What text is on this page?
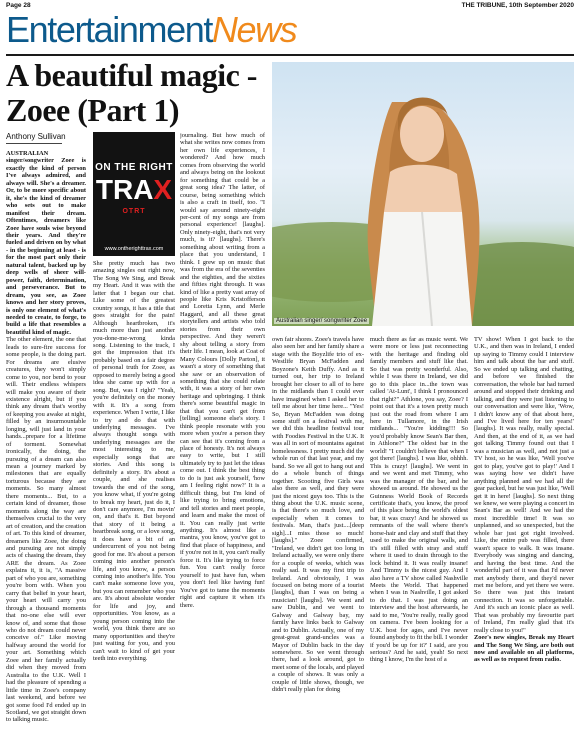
Page 28	THE TRIBUNE, 10th September 2020
EntertainmentNews
A beautiful magic - Zoee (Part 1)
Anthony Sullivan

AUSTRALIAN singer/songwriter Zoee is exactly the kind of person I've always admired, and always will. She's a dreamer. Or, to be more specific about it, she's the kind of dreamer who sets out to make manifest their dream. Oftentimes, dreamers like Zoee have souls wise beyond their years. And they're fueled and driven on by what - in the beginning at least - is for the most part only their natural talent, backed up by deep wells of sheer will-power, faith, determination, and perseverance. But to dream, you see, as Zoee knows and her story proves, is only one element of what's needed to create, to forge, to build a life that resembles a beautiful kind of magic.

The other element, the one that leads to sure-fire success for some people, is the doing part. For dreams are elusive creatures, they won't simply come to you, nor bend to your will. Their endless whispers will make you aware of their existence alright, but if you think any dream that's worthy of keeping you awake at night, filled by an insurmountable longing, will just land in your hands...prepare for a lifetime of torment. Somewhat ironically, the doing, the pursuing of a dream can also mean a journey marked by milestones that are equally torturous because they are moments. So many almost there moments... But, to a certain kind of dreamer, those moments along the way are themselves crucial to the very art of creation, and the creation of art. To this kind of dreamer, dreamers like Zoee, the doing and pursuing are not simply acts of chasing the dream, they ARE the dream. As Zoee explains it, it is, "A massive part of who you are, something you're born with. When you carry that belief in your heart, your heart will carry you through a thousand moments that no-one else will ever know of, and some that those who do not dream could never conceive of." Like moving halfway around the world for your art. Something which Zoee and her family actually did when they moved from Australia to the U.K. Well I had the pleasure of spending a little time in Zoee's company last weekend, and before we got some food I'd ended up in Scotland, we got straight down to talking music.

ON THE RIGHT
TRAX
OTRT
www.ontherighttrax.com

She pretty much has two amazing singles out right now, The Song We Sing, and Break my Heart. And it was with the latter that I began our chat. Like some of the greatest country songs, it has a title that goes straight for the pain! Although heartbroken, it's much more than just another you-done-me-wrong kinda song. Listening to the track, I got the impression that it's probably based on a fair degree of personal truth for Zoee, as opposed to merely being a good idea she came up with for a song. But, was I right? "Yeah, you're definitely on the money with it. It's a song from experience. When I write, I like to try and do that with underlying messages. I've always thought songs with underlying messages are the most interesting to me, especially songs that are stories. And this song is definitely a story. It's about a couple, and she realises towards the end of the song, you know what, if you're going to break my heart, just do it, I don't care anymore, I'm movin' on, and that's it. But beyond that story of it being a heartbreak song, or a love song, it does have a bit of an undercurrent of you not being good for me. It's about a person coming into another person's life, and you know, a person coming into another's life. You can't make someone love you, but you can remember who you are. It's about absolute wonder for life and joy, and opportunities. You know, as a young person coming into the world, you think there are so many opportunities and they're just waiting for you, and you can't wait to kind of get your teeth into everything.

journaling. But how much of what she writes now comes from her own life experiences, I wondered? And how much comes from observing the world and always being on the lookout for something that could be a great song idea? The latter, of course, being something which is also a craft in itself, too. "I would say around ninety-eight per-cent of my songs are from personal experience! [laughs]. Only ninety-eight, that's not very much, is it? [laughs]. There's something about writing from a place that you understand, I think. I grew up on music that was from the era of the seventies and the eighties, and the sixties and fifties right through. It was kind of like a pretty vast array of people like Kris Kristofferson and Loretta Lynn, and Merle Haggard, and all these great storytellers and artists who told stories from their own perspective. And they weren't shy about telling a story from their life. I mean, look at Coat of Many Colours [Dolly Parton], it wasn't a story of something that she saw or an observation of something that she could relate with, it was a story of her own heritage and upbringing. I think there's some beautiful magic in that that you can't get from [telling] someone else's story. I think people resonate with you more when you're a person they can see that it's coming from a place of honesty. It's not always easy to write, but I still ultimately try to just let the ideas come out. I think the best thing to do is just ask yourself, 'how am I feeling right now?' It is a difficult thing, but I'm kind of like trying to bring emotions, and tell stories and meet people, and learn and make the most of it. You can really just write anything. It's almost like a mantra, you know, you've got to find that place of happiness, and if you're not in it, you can't really force it. It's like trying to force fun. You can't really force yourself to just have fun, when you don't feel like having fun! You've got to tame the moments right and capture it when it's there.

Australian singer/ songwriter Zoee

own fair shores. Zoee's travels have also seen her and her family share a stage with the Boyzlife trio of ex-Westlife Bryan McFadden and Boyzone's Keith Duffy. And as it turned out, her trip to Ireland brought her closer to all of to here in the midlands than I could ever have imagined when I asked her to tell me about her time here... "Yes! So, Bryan McFadden was doing some stuff on a festival with me, we did this headline festival tour with Foodies Festival in the U.K. It was all in sort of mountains against homelessness. I pretty much did the whole run of that last year, and my band. So we all got to hang out and do a whole bunch of things together. Scooting five Girls was also there as well, and they were just the nicest guys too. This is the thing about the U.K. music scene, is that there's so much love, and especially when it comes to festivals. Man, that's just....[deep sigh]...I miss those so much! [laughs]." Zoee confirmed, "Ireland, we didn't get too long in Ireland actually, we were only there for a couple of weeks, which was really sad. It was my first trip to Ireland. And obviously, I was focused on being more of a tourist [laughs], than I was on being a musician! [laughs]. We went and saw Dublin, and we went to Galway and Galway bay, my family have links back to Galway and to Dublin. Actually, one of my great-great grand-uncles was a Mayor of Dublin back in the day somewhere. So we went through there, had a look around, got to meet some of the locals, and played a couple of shows. It was only a couple of little shows, though, we didn't really plan for doing

much there as far as music went. We were more or less just reconnecting with the heritage and finding old family members and stuff like that. So that was pretty wonderful. Also, while I was there in Ireland, we did go to this place in...the town was called 'At-Lunt', I think I pronounced that right?" Athlone, you say, Zoee? I point out that it's a town pretty much just out the road from where I am here in Tullamore, in the Irish midlands... "You're kidding!!! So you'd probably know Sean's Bar then, in Athlone?" The oldest bar in the world! "I couldn't believe that when I got there! [laughs]. I was like, ohhhh. This is crazy! [laughs]. We went in and we went and met Timmy, who was the manager of the bar, and he showed us around. He showed us the Guinness World Book of Records certificate that's, you know, the proof of this place being the world's oldest bar, it was crazy! And he showed us remnants of the wall where there's horse-hair and clay and stuff that they used to make the original walls, and it's still filled with stray and stuff where it used to drain through to the lock behind it. It was really insane! And Timmy is the nicest guy. And I also have a TV show called Nashville Meets the World. That happened when I was in Nashville, I got asked to do that. I was just doing an interview and the host afterwards, he said to me, 'You're really, really good on camera. I've been looking for a U.K. host for ages, and I've never found anybody to fit the bill. I wonder if you'd be up for it?' I said, are you serious? And he said, yeah! So next thing I know, I'm the host of a

TV show! When I got back to the U.K., and then was in Ireland, I ended up saying to Timmy could I interview him and talk about the bar and stuff. So we ended up talking and chatting, and before we finished the conversation, the whole bar had turned around and stopped their drinking and talking, and they were just listening to our conversation and were like, 'Wow, I didn't know any of that about here, and I've lived here for ten years!' [laughs]. It was really, really special. And then, at the end of it, as we had got talking Timmy found out that I was a musician as well, and not just a TV host, so he was like, 'Well you've got to play, you've got to play!' And I was saying how we didn't have anything planned and we had all the gear packed, but he was just like, 'Well get it in here! [laughs]. So next thing we knew, we were playing a concert in Sean's Bar as well! And we had the most incredible time! It was so unplanned, and so unexpected, but the whole bar just got right involved. Like, the entire pub was filled, there wasn't space to walk. It was insane. Everybody was singing and dancing, and having the best time. And the wonderful part of it was that I'd never met anybody there, and they'd never met me before, and yet there we were. So there was just this instant connection. It was so unforgettable. And it's such an iconic place as well. That was probably my favourite part of Ireland, I'm really glad that it's really close to you!"

Zoee's new singles, Break my Heart and The Song We Sing, are both out now and available on all platforms, as well as to request from radio.
